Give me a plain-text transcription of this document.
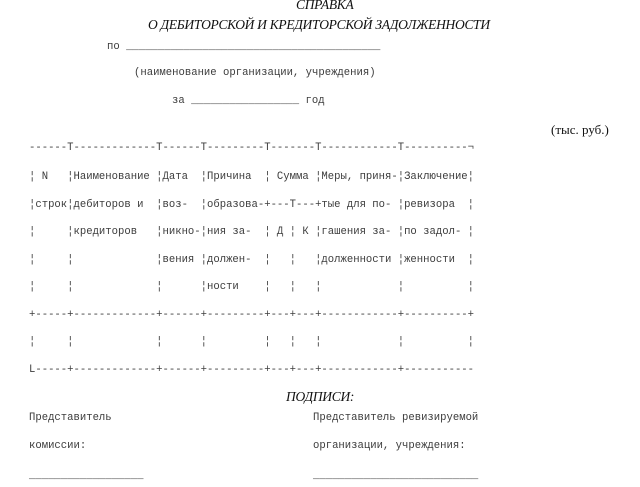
СПРАВКА
О ДЕБИТОРСКОЙ И КРЕДИТОРСКОЙ ЗАДОЛЖЕННОСТИ
по ________________________________________
(наименование организации, учреждения)
за _________________ год
(тыс. руб.)
------T-------------T------T---------T-------T------------T----------¬
¦ N   ¦Наименование ¦Дата  ¦Причина  ¦ Сумма ¦Меры, приня-¦Заключение¦
¦строк¦дебиторов и  ¦воз-  ¦образова-+---T---+тые для по- ¦ревизора  ¦
¦     ¦кредиторов   ¦никно-¦ния за-  ¦ Д ¦ К ¦гашения за- ¦по задол- ¦
¦     ¦             ¦вения ¦должен-  ¦   ¦   ¦долженности ¦женности  ¦
¦     ¦             ¦      ¦ности    ¦   ¦   ¦            ¦          ¦
+-----+-------------+------+---------+---+---+------------+----------+
¦     ¦             ¦      ¦         ¦   ¦   ¦            ¦          ¦
L-----+-------------+------+---------+---+---+------------+-----------
ПОДПИСИ:
Представитель
комиссии:
__________________
Представитель ревизируемой
организации, учреждения:
__________________________
